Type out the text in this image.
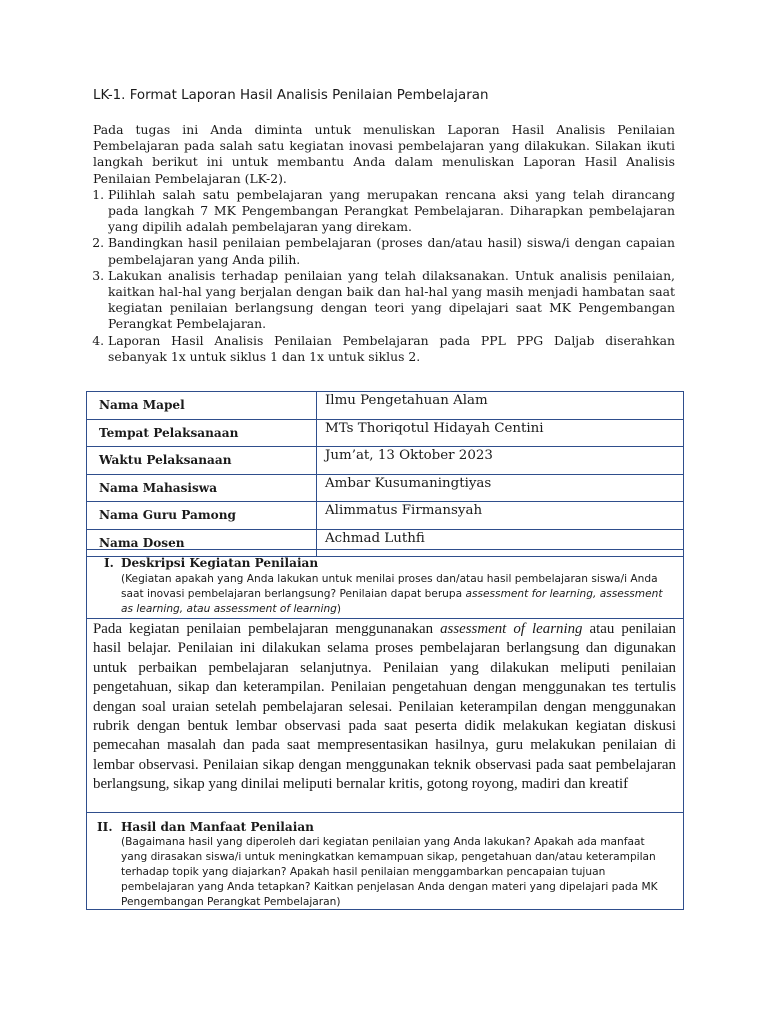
LK-1. Format Laporan Hasil Analisis Penilaian Pembelajaran

Pada tugas ini Anda diminta untuk menuliskan Laporan Hasil Analisis Penilaian Pembelajaran pada salah satu kegiatan inovasi pembelajaran yang dilakukan. Silakan ikuti langkah berikut ini untuk membantu Anda dalam menuliskan Laporan Hasil Analisis Penilaian Pembelajaran (LK-2).

1. Pilihlah salah satu pembelajaran yang merupakan rencana aksi yang telah dirancang pada langkah 7 MK Pengembangan Perangkat Pembelajaran. Diharapkan pembelajaran yang dipilih adalah pembelajaran yang direkam.
2. Bandingkan hasil penilaian pembelajaran (proses dan/atau hasil) siswa/i dengan capaian pembelajaran yang Anda pilih.
3. Lakukan analisis terhadap penilaian yang telah dilaksanakan. Untuk analisis penilaian, kaitkan hal-hal yang berjalan dengan baik dan hal-hal yang masih menjadi hambatan saat kegiatan penilaian berlangsung dengan teori yang dipelajari saat MK Pengembangan Perangkat Pembelajaran.
4. Laporan Hasil Analisis Penilaian Pembelajaran pada PPL PPG Daljab diserahkan sebanyak 1x untuk siklus 1 dan 1x untuk siklus 2.
Nama Mapel	Ilmu Pengetahuan Alam
Tempat Pelaksanaan	MTs Thoriqotul Hidayah Centini
Waktu Pelaksanaan	Jum’at, 13 Oktober 2023
Nama Mahasiswa	Ambar Kusumaningtiyas
Nama Guru Pamong	Alimmatus Firmansyah
Nama Dosen	Achmad Luthfi
I. Deskripsi Kegiatan Penilaian
(Kegiatan apakah yang Anda lakukan untuk menilai proses dan/atau hasil pembelajaran siswa/i Anda saat inovasi pembelajaran berlangsung? Penilaian dapat berupa assessment for learning, assessment as learning, atau assessment of learning)

Pada kegiatan penilaian pembelajaran menggunanakan assessment of learning atau penilaian hasil belajar. Penilaian ini dilakukan selama proses pembelajaran berlangsung dan digunakan untuk perbaikan pembelajaran selanjutnya. Penilaian yang dilakukan meliputi penilaian pengetahuan, sikap dan keterampilan. Penilaian pengetahuan dengan menggunakan tes tertulis dengan soal uraian setelah pembelajaran selesai. Penilaian keterampilan dengan menggunakan rubrik dengan bentuk lembar observasi pada saat peserta didik melakukan kegiatan diskusi pemecahan masalah dan pada saat mempresentasikan hasilnya, guru melakukan penilaian di lembar observasi. Penilaian sikap dengan menggunakan teknik observasi pada saat pembelajaran berlangsung, sikap yang dinilai meliputi bernalar kritis, gotong royong, madiri dan kreatif

II. Hasil dan Manfaat Penilaian
(Bagaimana hasil yang diperoleh dari kegiatan penilaian yang Anda lakukan? Apakah ada manfaat yang dirasakan siswa/i untuk meningkatkan kemampuan sikap, pengetahuan dan/atau keterampilan terhadap topik yang diajarkan? Apakah hasil penilaian menggambarkan pencapaian tujuan pembelajaran yang Anda tetapkan? Kaitkan penjelasan Anda dengan materi yang dipelajari pada MK Pengembangan Perangkat Pembelajaran)
